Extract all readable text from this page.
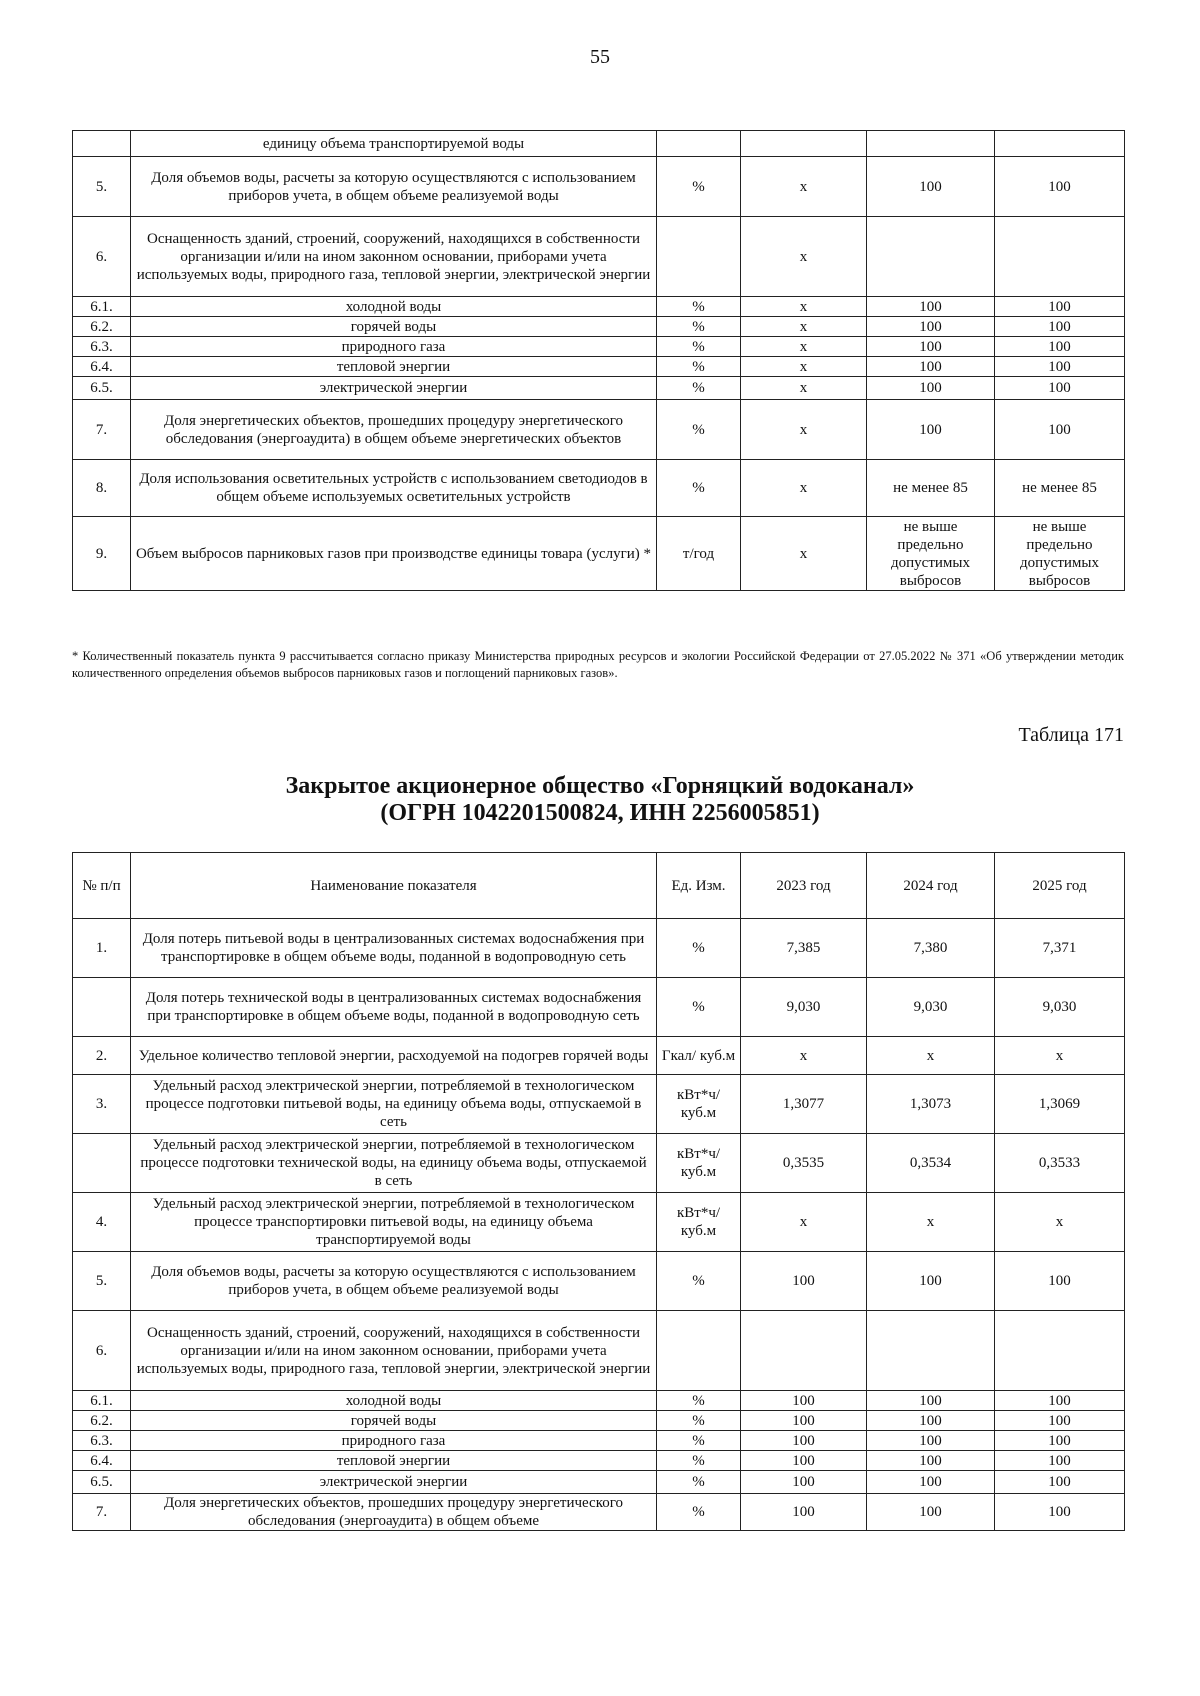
55
	единицу объема транспортируемой воды				
5.	Доля объемов воды, расчеты за которую осуществляются с использованием приборов учета, в общем объеме реализуемой воды	%	х	100	100
6.	Оснащенность зданий, строений, сооружений, находящихся в собственности организации и/или на ином законном основании, приборами учета используемых воды, природного газа, тепловой энергии, электрической энергии		х		
6.1.	холодной воды	%	х	100	100
6.2.	горячей воды	%	х	100	100
6.3.	природного газа	%	х	100	100
6.4.	тепловой энергии	%	х	100	100
6.5.	электрической энергии	%	х	100	100
7.	Доля энергетических объектов, прошедших процедуру энергетического обследования (энергоаудита) в общем объеме энергетических объектов	%	х	100	100
8.	Доля использования осветительных устройств с использованием светодиодов в общем объеме используемых осветительных устройств	%	х	не менее 85	не менее 85
9.	Объем выбросов парниковых газов при производстве единицы товара (услуги) *	т/год	х	не выше предельно допустимых выбросов	не выше предельно допустимых выбросов
* Количественный показатель пункта 9 рассчитывается согласно приказу Министерства природных ресурсов и экологии Российской Федерации от 27.05.2022 № 371 «Об утверждении методик количественного определения объемов выбросов парниковых газов и поглощений парниковых газов».
Таблица 171
Закрытое акционерное общество «Горняцкий водоканал»
(ОГРН 1042201500824, ИНН 2256005851)
№ п/п	Наименование показателя	Ед. Изм.	2023 год	2024 год	2025 год
1.	Доля потерь питьевой воды в централизованных системах водоснабжения при транспортировке в общем объеме воды, поданной в водопроводную сеть	%	7,385	7,380	7,371
	Доля потерь технической воды в централизованных системах водоснабжения при транспортировке в общем объеме воды, поданной в водопроводную сеть	%	9,030	9,030	9,030
2.	Удельное количество тепловой энергии, расходуемой на подогрев горячей воды	Гкал/ куб.м	х	х	х
3.	Удельный расход электрической энергии, потребляемой в технологическом процессе подготовки питьевой воды, на единицу объема воды, отпускаемой в сеть	кВт*ч/ куб.м	1,3077	1,3073	1,3069
	Удельный расход электрической энергии, потребляемой в технологическом процессе подготовки технической воды, на единицу объема воды, отпускаемой в сеть	кВт*ч/ куб.м	0,3535	0,3534	0,3533
4.	Удельный расход электрической энергии, потребляемой в технологическом процессе транспортировки питьевой воды, на единицу объема транспортируемой воды	кВт*ч/ куб.м	х	х	х
5.	Доля объемов воды, расчеты за которую осуществляются с использованием приборов учета, в общем объеме реализуемой воды	%	100	100	100
6.	Оснащенность зданий, строений, сооружений, находящихся в собственности организации и/или на ином законном основании, приборами учета используемых воды, природного газа, тепловой энергии, электрической энергии				
6.1.	холодной воды	%	100	100	100
6.2.	горячей воды	%	100	100	100
6.3.	природного газа	%	100	100	100
6.4.	тепловой энергии	%	100	100	100
6.5.	электрической энергии	%	100	100	100
7.	Доля энергетических объектов, прошедших процедуру энергетического обследования (энергоаудита) в общем объеме	%	100	100	100
